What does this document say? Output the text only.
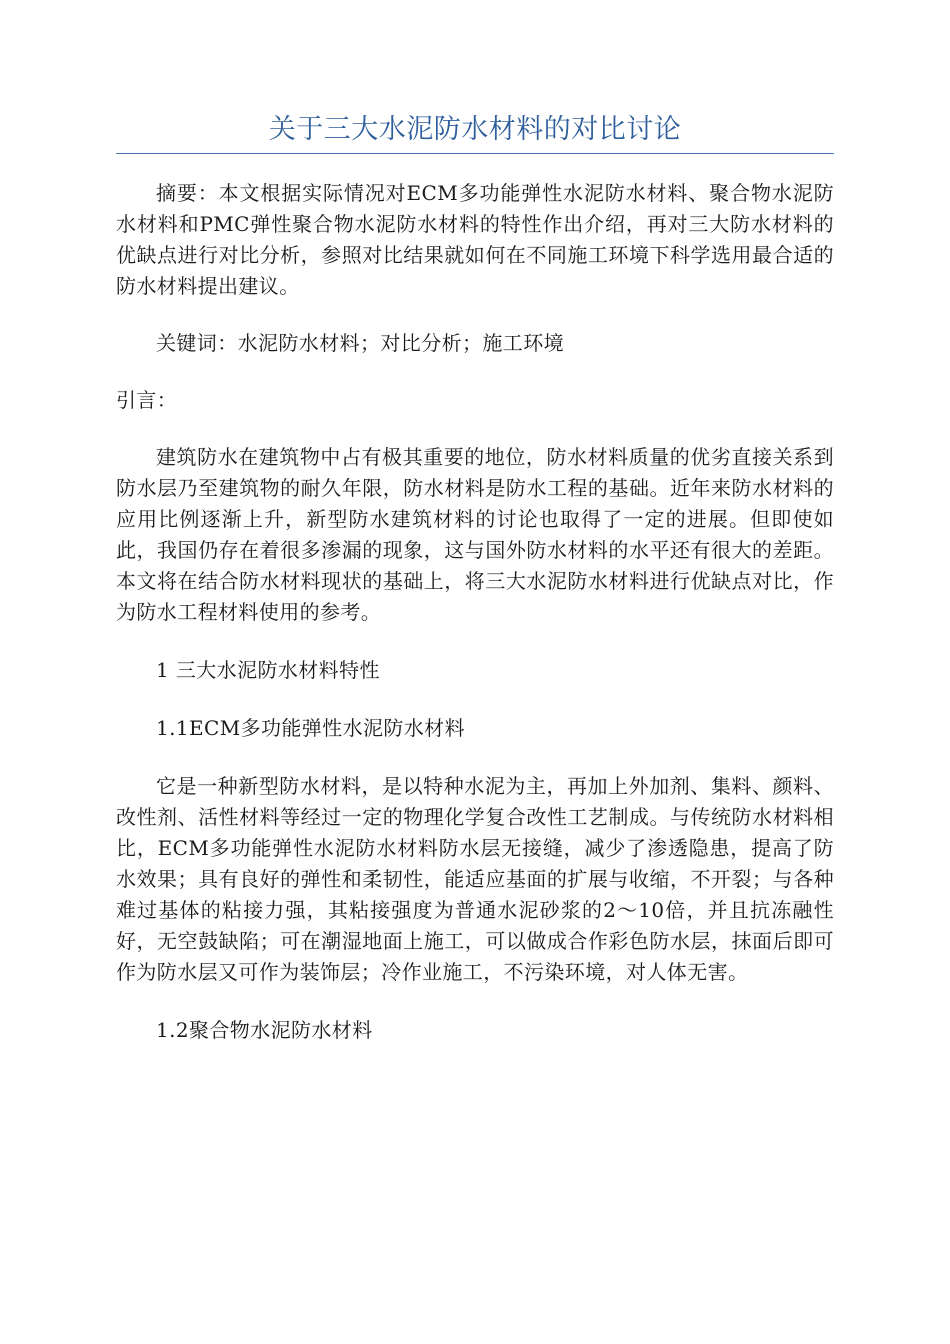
关于三大水泥防水材料的对比讨论

摘要：本文根据实际情况对ECM多功能弹性水泥防水材料、聚合物水泥防水材料和PMC弹性聚合物水泥防水材料的特性作出介绍，再对三大防水材料的优缺点进行对比分析，参照对比结果就如何在不同施工环境下科学选用最合适的防水材料提出建议。

关键词：水泥防水材料；对比分析；施工环境

引言：

建筑防水在建筑物中占有极其重要的地位，防水材料质量的优劣直接关系到防水层乃至建筑物的耐久年限，防水材料是防水工程的基础。近年来防水材料的应用比例逐渐上升，新型防水建筑材料的讨论也取得了一定的进展。但即使如此，我国仍存在着很多渗漏的现象，这与国外防水材料的水平还有很大的差距。本文将在结合防水材料现状的基础上，将三大水泥防水材料进行优缺点对比，作为防水工程材料使用的参考。

1 三大水泥防水材料特性

1.1ECM多功能弹性水泥防水材料

它是一种新型防水材料，是以特种水泥为主，再加上外加剂、集料、颜料、改性剂、活性材料等经过一定的物理化学复合改性工艺制成。与传统防水材料相比，ECM多功能弹性水泥防水材料防水层无接缝，减少了渗透隐患，提高了防水效果；具有良好的弹性和柔韧性，能适应基面的扩展与收缩，不开裂；与各种难过基体的粘接力强，其粘接强度为普通水泥砂浆的2～10倍，并且抗冻融性好，无空鼓缺陷；可在潮湿地面上施工，可以做成合作彩色防水层，抹面后即可作为防水层又可作为装饰层；冷作业施工，不污染环境，对人体无害。

1.2聚合物水泥防水材料
